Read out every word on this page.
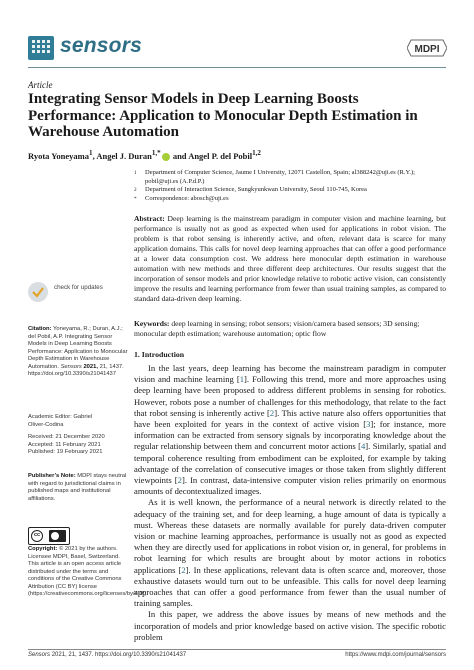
sensors	MDPI
Article
Integrating Sensor Models in Deep Learning Boosts Performance: Application to Monocular Depth Estimation in Warehouse Automation
Ryota Yoneyama$^1$, Angel J. Duran$^{1,*}$ and Angel P. del Pobil$^{1,2}$
1	Department of Computer Science, Jaume I University, 12071 Castellon, Spain; al388242@uji.es (R.Y.); pobil@uji.es (A.P.d.P.)
2	Department of Interaction Science, Sungkyunkwan University, Seoul 110-745, Korea
*	Correspondence: abosch@uji.es
Abstract: Deep learning is the mainstream paradigm in computer vision and machine learning, but performance is usually not as good as expected when used for applications in robot vision. The problem is that robot sensing is inherently active, and often, relevant data is scarce for many application domains. This calls for novel deep learning approaches that can offer a good performance at a lower data consumption cost. We address here monocular depth estimation in warehouse automation with new methods and three different deep architectures. Our results suggest that the incorporation of sensor models and prior knowledge relative to robotic active vision, can consistently improve the results and learning performance from fewer than usual training samples, as compared to standard data-driven deep learning.
Keywords: deep learning in sensing; robot sensors; vision/camera based sensors; 3D sensing; monocular depth estimation; warehouse automation; optic flow
1. Introduction

In the last years, deep learning has become the mainstream paradigm in computer vision and machine learning [1]. Following this trend, more and more approaches using deep learning have been proposed to address different problems in sensing for robotics. However, robots pose a number of challenges for this methodology, that relate to the fact that robot sensing is inherently active [2]. This active nature also offers opportunities that have been exploited for years in the context of active vision [3]; for instance, more information can be extracted from sensory signals by incorporating knowledge about the regular relationship between them and concurrent motor actions [4]. Similarly, spatial and temporal coherence resulting from embodiment can be exploited, for example by taking advantage of the correlation of consecutive images or those taken from slightly different viewpoints [2]. In contrast, data-intensive computer vision relies primarily on enormous amounts of decontextualized images.

As it is well known, the performance of a neural network is directly related to the adequacy of the training set, and for deep learning, a huge amount of data is typically a must. Whereas these datasets are normally available for purely data-driven computer vision or machine learning approaches, performance is usually not as good as expected when they are directly used for applications in robot vision or, in general, for problems in robot learning for which results are brought about by motor actions in robotics applications [2]. In these applications, relevant data is often scarce and, moreover, those exhaustive datasets would turn out to be unfeasible. This calls for novel deep learning approaches that can offer a good performance from fewer than the usual number of training samples.

In this paper, we address the above issues by means of new methods and the incorporation of models and prior knowledge based on active vision. The specific robotic problem

check for updates
Citation: Yoneyama, R.; Duran, A.J.; del Pobil, A.P. Integrating Sensor Models in Deep Learning Boosts Performance: Application to Monocular Depth Estimation in Warehouse Automation. Sensors 2021, 21, 1437. https://doi.org/10.3390/s21041437
Academic Editor: Gabriel
Oliver-Codina
Received: 21 December 2020
Accepted: 11 February 2021
Published: 19 February 2021
Publisher’s Note: MDPI stays neutral with regard to jurisdictional claims in published maps and institutional affiliations.
cc
Copyright: © 2021 by the authors. Licensee MDPI, Basel, Switzerland. This article is an open access article distributed under the terms and conditions of the Creative Commons Attribution (CC BY) license (https://creativecommons.org/licenses/by/4.0/).
Sensors 2021, 21, 1437. https://doi.org/10.3390/s21041437	https://www.mdpi.com/journal/sensors
